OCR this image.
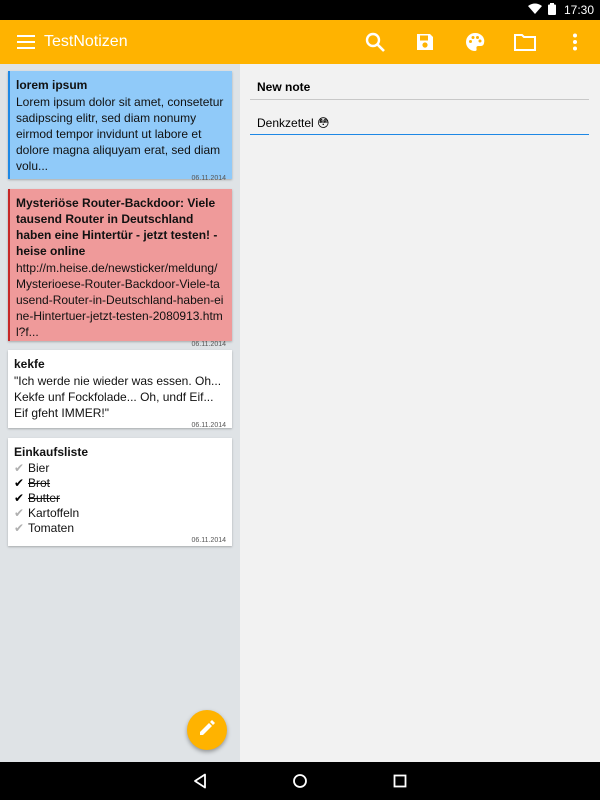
17:30
TestNotizen
lorem ipsum
Lorem ipsum dolor sit amet, consetetur sadipscing elitr, sed diam nonumy eirmod tempor invidunt ut labore et dolore magna aliquyam erat, sed diam volu...
06.11.2014
Mysteriöse Router-Backdoor: Viele tausend Router in Deutschland haben eine Hintertür - jetzt testen! - heise online
http://m.heise.de/newsticker/meldung/Mysterioese-Router-Backdoor-Viele-tausend-Router-in-Deutschland-haben-eine-Hintertuer-jetzt-testen-2080913.html?f...
06.11.2014
kekfe
"Ich werde nie wieder was essen. Oh... Kekfe unf Fockfolade... Oh, undf Eif... Eif gfeht IMMER!"
06.11.2014
Einkaufsliste
✔ Bier
✔ Brot
✔ Butter
✔ Kartoffeln
✔ Tomaten
06.11.2014
New note
Denkzettel 😳
